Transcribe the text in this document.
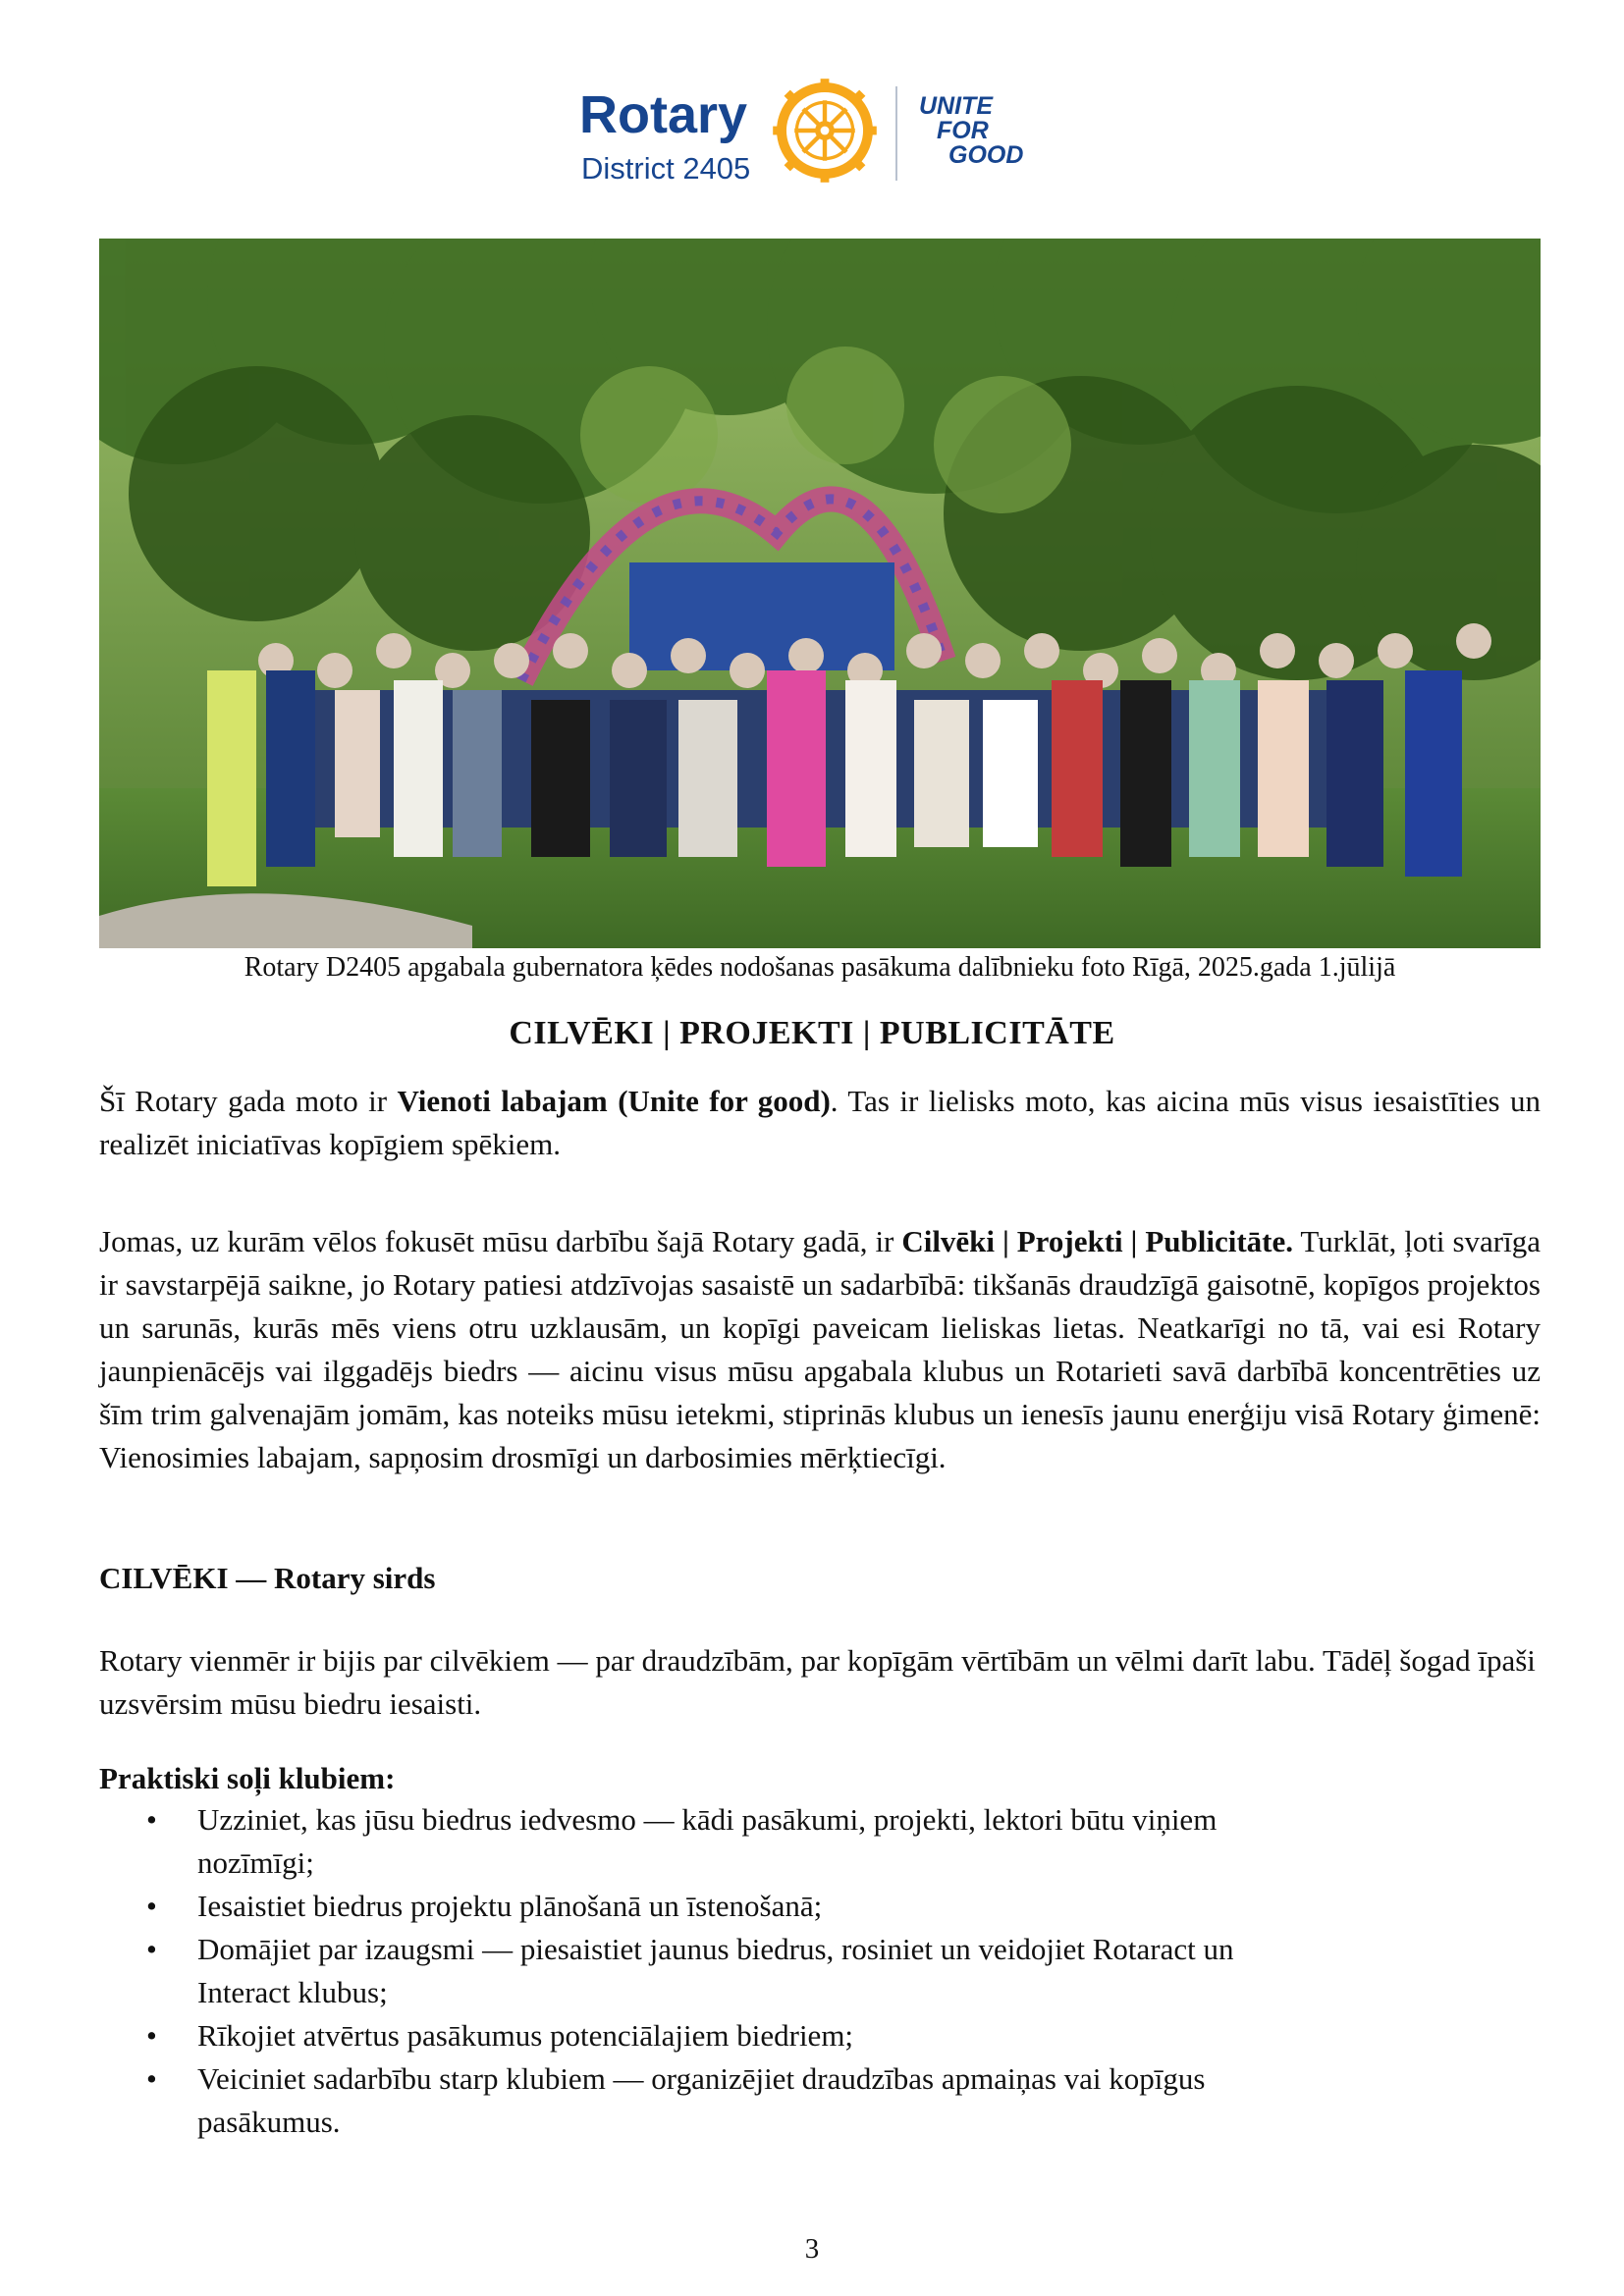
Rotary
District 2405
UNITE
FOR
GOOD
Rotary D2405 apgabala gubernatora ķēdes nodošanas pasākuma dalībnieku foto Rīgā, 2025.gada 1.jūlijā
CILVĒKI | PROJEKTI | PUBLICITĀTE
Šī Rotary gada moto ir Vienoti labajam (Unite for good). Tas ir lielisks moto, kas aicina mūs visus iesaistīties un realizēt iniciatīvas kopīgiem spēkiem.
Jomas, uz kurām vēlos fokusēt mūsu darbību šajā Rotary gadā, ir Cilvēki | Projekti | Publicitāte. Turklāt, ļoti svarīga ir savstarpējā saikne, jo Rotary patiesi atdzīvojas sasaistē un sadarbībā: tikšanās draudzīgā gaisotnē, kopīgos projektos un sarunās, kurās mēs viens otru uzklausām, un kopīgi paveicam lieliskas lietas. Neatkarīgi no tā, vai esi Rotary jaunpienācējs vai ilggadējs biedrs — aicinu visus mūsu apgabala klubus un Rotarieti savā darbībā koncentrēties uz šīm trim galvenajām jomām, kas noteiks mūsu ietekmi, stiprinās klubus un ienesīs jaunu enerģiju visā Rotary ģimenē: Vienosimies labajam, sapņosim drosmīgi un darbosimies mērķtiecīgi.
CILVĒKI — Rotary sirds
Rotary vienmēr ir bijis par cilvēkiem — par draudzībām, par kopīgām vērtībām un vēlmi darīt labu. Tādēļ šogad īpaši uzsvērsim mūsu biedru iesaisti.
Praktiski soļi klubiem:
• Uzziniet, kas jūsu biedrus iedvesmo — kādi pasākumi, projekti, lektori būtu viņiem
nozīmīgi;
• Iesaistiet biedrus projektu plānošanā un īstenošanā;
• Domājiet par izaugsmi — piesaistiet jaunus biedrus, rosiniet un veidojiet Rotaract un
Interact klubus;
• Rīkojiet atvērtus pasākumus potenciālajiem biedriem;
• Veiciniet sadarbību starp klubiem — organizējiet draudzības apmaiņas vai kopīgus
pasākumus.
3
